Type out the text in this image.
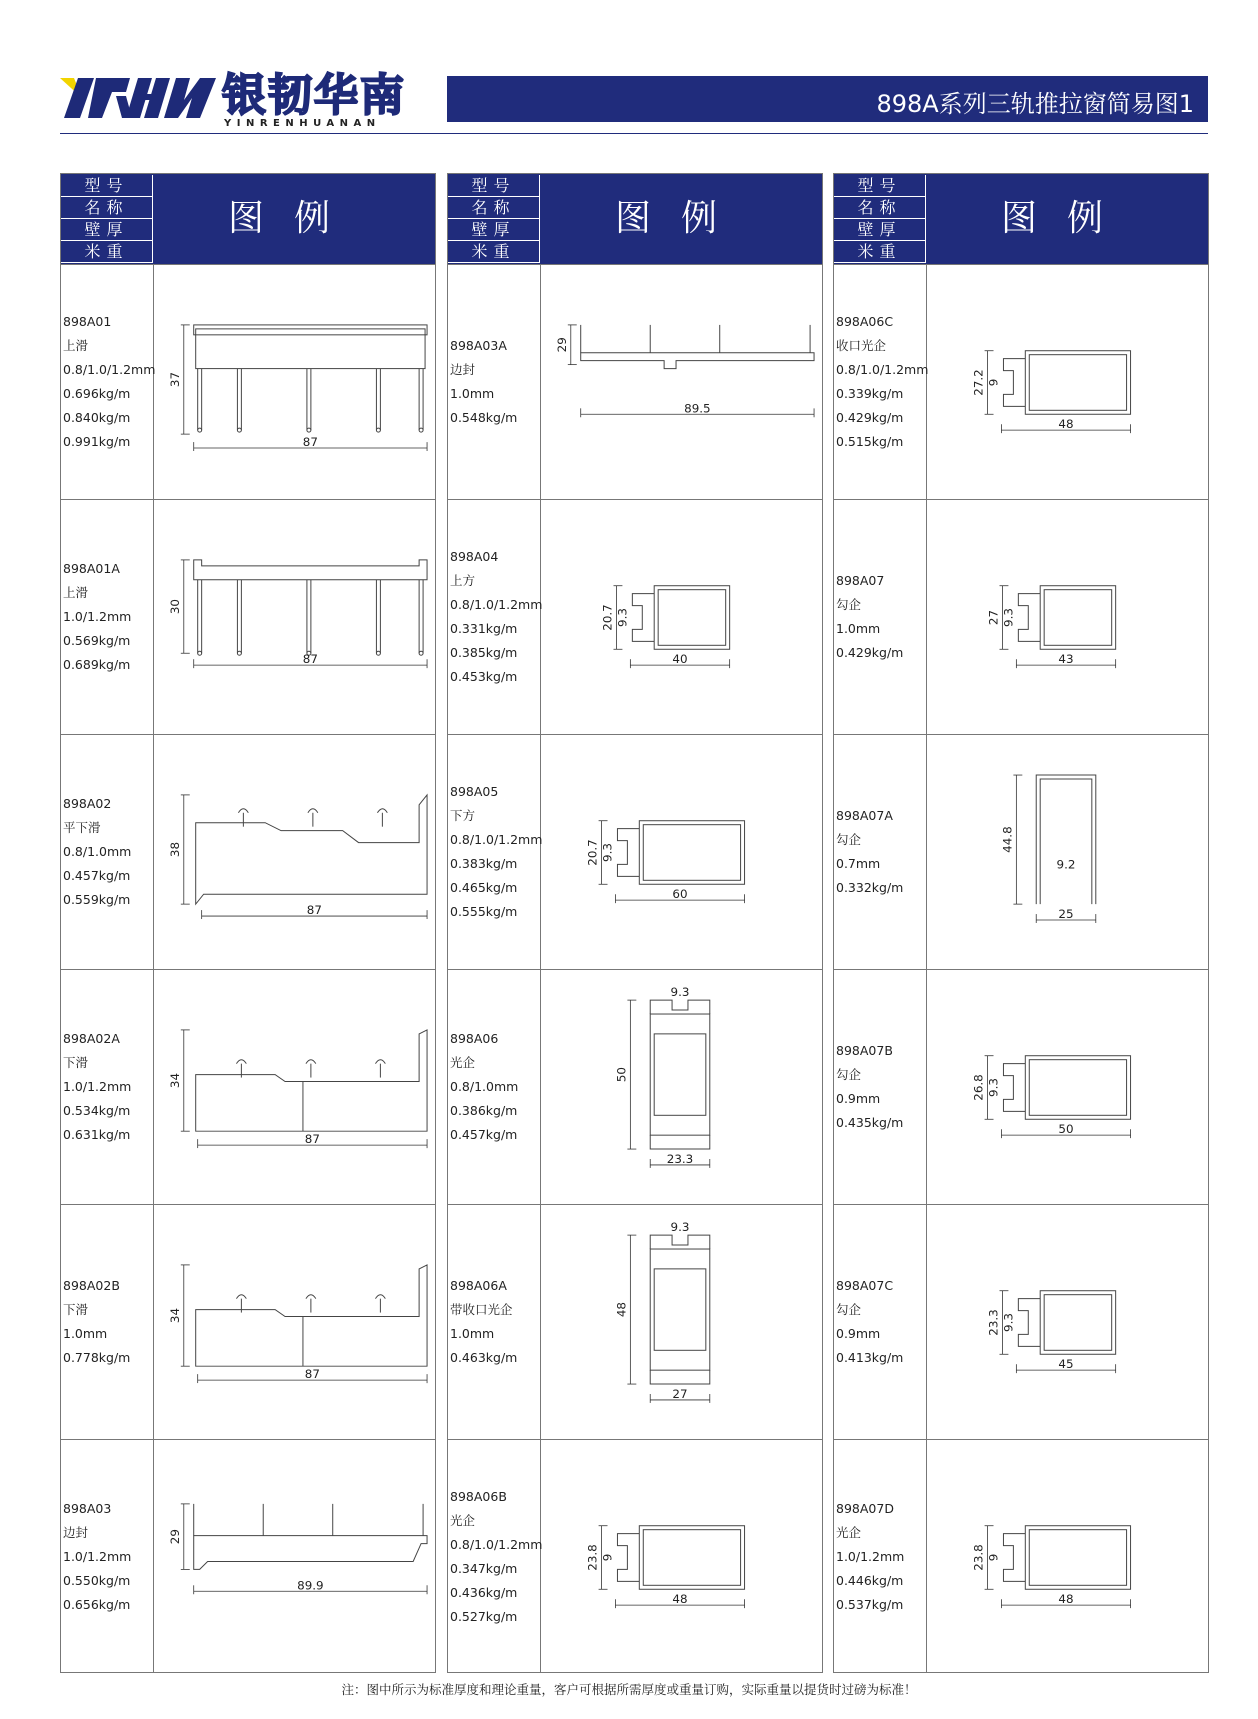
银韧华南
YINRENHUANAN
898A系列三轨推拉窗简易图1
型号
名称
壁厚
米重
图例
898A01
上滑
0.8/1.0/1.2mm
0.696kg/m
0.840kg/m
0.991kg/m
37
87
898A01A
上滑
1.0/1.2mm
0.569kg/m
0.689kg/m
30
87
898A02
平下滑
0.8/1.0mm
0.457kg/m
0.559kg/m
38
87
898A02A
下滑
1.0/1.2mm
0.534kg/m
0.631kg/m
34
87
898A02B
下滑
1.0mm
0.778kg/m
34
87
898A03
边封
1.0/1.2mm
0.550kg/m
0.656kg/m
29
89.9
型号
名称
壁厚
米重
图例
898A03A
边封
1.0mm
0.548kg/m
29
89.5
898A04
上方
0.8/1.0/1.2mm
0.331kg/m
0.385kg/m
0.453kg/m
20.7 9.3
40
898A05
下方
0.8/1.0/1.2mm
0.383kg/m
0.465kg/m
0.555kg/m
20.7 9.3
60
898A06
光企
0.8/1.0mm
0.386kg/m
0.457kg/m
50
23.3
9.3
898A06A
带收口光企
1.0mm
0.463kg/m
48
27
9.3
898A06B
光企
0.8/1.0/1.2mm
0.347kg/m
0.436kg/m
0.527kg/m
23.8 9
48
型号
名称
壁厚
米重
图例
898A06C
收口光企
0.8/1.0/1.2mm
0.339kg/m
0.429kg/m
0.515kg/m
27.2 9
48
898A07
勾企
1.0mm
0.429kg/m
27 9.3
43
898A07A
勾企
0.7mm
0.332kg/m
44.8
25
9.2
898A07B
勾企
0.9mm
0.435kg/m
26.8 9.3
50
898A07C
勾企
0.9mm
0.413kg/m
23.3 9.3
45
898A07D
光企
1.0/1.2mm
0.446kg/m
0.537kg/m
23.8 9
48
注：图中所示为标准厚度和理论重量，客户可根据所需厚度或重量订购，实际重量以提货时过磅为标准！
